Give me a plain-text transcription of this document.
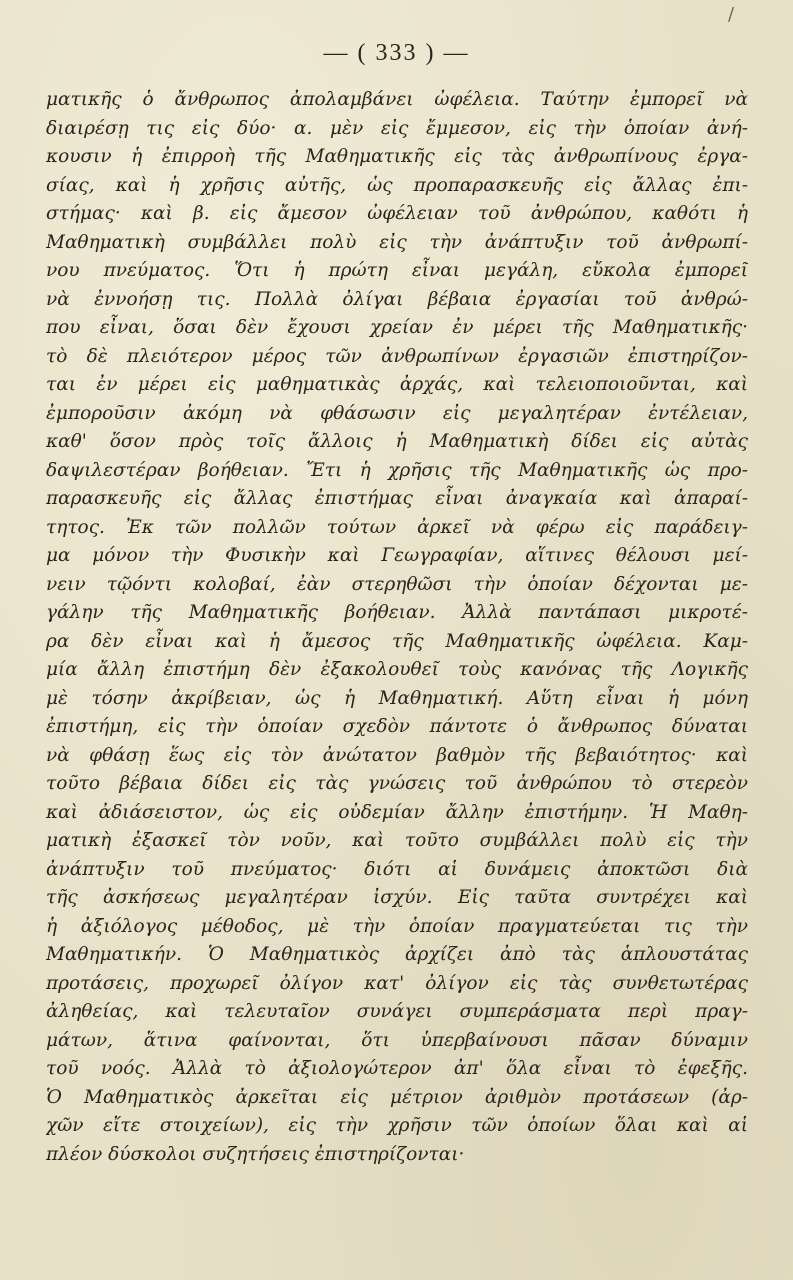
/
— ( 333 ) —
ματικῆς ὁ ἄνθρωπος ἀπολαμβάνει ὠφέλεια. Ταύτην ἐμπορεῖ νὰ
διαιρέσῃ τις εἰς δύο· α. μὲν εἰς ἔμμεσον, εἰς τὴν ὁποίαν ἀνή-
κουσιν ἡ ἐπιρροὴ τῆς Μαθηματικῆς εἰς τὰς ἀνθρωπίνους ἐργα-
σίας, καὶ ἡ χρῆσις αὐτῆς, ὡς προπαρασκευῆς εἰς ἄλλας ἐπι-
στήμας· καὶ β. εἰς ἄμεσον ὠφέλειαν τοῦ ἀνθρώπου, καθότι ἡ
Μαθηματικὴ συμβάλλει πολὺ εἰς τὴν ἀνάπτυξιν τοῦ ἀνθρωπί-
νου πνεύματος. Ὅτι ἡ πρώτη εἶναι μεγάλη, εὔκολα ἐμπορεῖ
νὰ ἐννοήσῃ τις. Πολλὰ ὀλίγαι βέβαια ἐργασίαι τοῦ ἀνθρώ-
που εἶναι, ὅσαι δὲν ἔχουσι χρείαν ἐν μέρει τῆς Μαθηματικῆς·
τὸ δὲ πλειότερον μέρος τῶν ἀνθρωπίνων ἐργασιῶν ἐπιστηρίζον-
ται ἐν μέρει εἰς μαθηματικὰς ἀρχάς, καὶ τελειοποιοῦνται, καὶ
ἐμποροῦσιν ἀκόμη νὰ φθάσωσιν εἰς μεγαλητέραν ἐντέλειαν,
καθ' ὅσον πρὸς τοῖς ἄλλοις ἡ Μαθηματικὴ δίδει εἰς αὐτὰς
δαψιλεστέραν βοήθειαν. Ἔτι ἡ χρῆσις τῆς Μαθηματικῆς ὡς προ-
παρασκευῆς εἰς ἄλλας ἐπιστήμας εἶναι ἀναγκαία καὶ ἀπαραί-
τητος. Ἐκ τῶν πολλῶν τούτων ἀρκεῖ νὰ φέρω εἰς παράδειγ-
μα μόνον τὴν Φυσικὴν καὶ Γεωγραφίαν, αἵτινες θέλουσι μεί-
νειν τῷόντι κολοβαί, ἐὰν στερηθῶσι τὴν ὁποίαν δέχονται με-
γάλην τῆς Μαθηματικῆς βοήθειαν. Ἀλλὰ παντάπασι μικροτέ-
ρα δὲν εἶναι καὶ ἡ ἄμεσος τῆς Μαθηματικῆς ὠφέλεια. Καμ-
μία ἄλλη ἐπιστήμη δὲν ἐξακολουθεῖ τοὺς κανόνας τῆς Λογικῆς
μὲ τόσην ἀκρίβειαν, ὡς ἡ Μαθηματική. Αὕτη εἶναι ἡ μόνη
ἐπιστήμη, εἰς τὴν ὁποίαν σχεδὸν πάντοτε ὁ ἄνθρωπος δύναται
νὰ φθάσῃ ἕως εἰς τὸν ἀνώτατον βαθμὸν τῆς βεβαιότητος· καὶ
τοῦτο βέβαια δίδει εἰς τὰς γνώσεις τοῦ ἀνθρώπου τὸ στερεὸν
καὶ ἀδιάσειστον, ὡς εἰς οὐδεμίαν ἄλλην ἐπιστήμην. Ἡ Μαθη-
ματικὴ ἐξασκεῖ τὸν νοῦν, καὶ τοῦτο συμβάλλει πολὺ εἰς τὴν
ἀνάπτυξιν τοῦ πνεύματος· διότι αἱ δυνάμεις ἀποκτῶσι διὰ
τῆς ἀσκήσεως μεγαλητέραν ἰσχύν. Εἰς ταῦτα συντρέχει καὶ
ἡ ἀξιόλογος μέθοδος, μὲ τὴν ὁποίαν πραγματεύεται τις τὴν
Μαθηματικήν. Ὁ Μαθηματικὸς ἀρχίζει ἀπὸ τὰς ἁπλουστάτας
προτάσεις, προχωρεῖ ὀλίγον κατ' ὀλίγον εἰς τὰς συνθετωτέρας
ἀληθείας, καὶ τελευταῖον συνάγει συμπεράσματα περὶ πραγ-
μάτων, ἅτινα φαίνονται, ὅτι ὑπερβαίνουσι πᾶσαν δύναμιν
τοῦ νοός. Ἀλλὰ τὸ ἀξιολογώτερον ἀπ' ὅλα εἶναι τὸ ἐφεξῆς.
Ὁ Μαθηματικὸς ἀρκεῖται εἰς μέτριον ἀριθμὸν προτάσεων (ἀρ-
χῶν εἴτε στοιχείων), εἰς τὴν χρῆσιν τῶν ὁποίων ὅλαι καὶ αἱ
πλέον δύσκολοι συζητήσεις ἐπιστηρίζονται·
